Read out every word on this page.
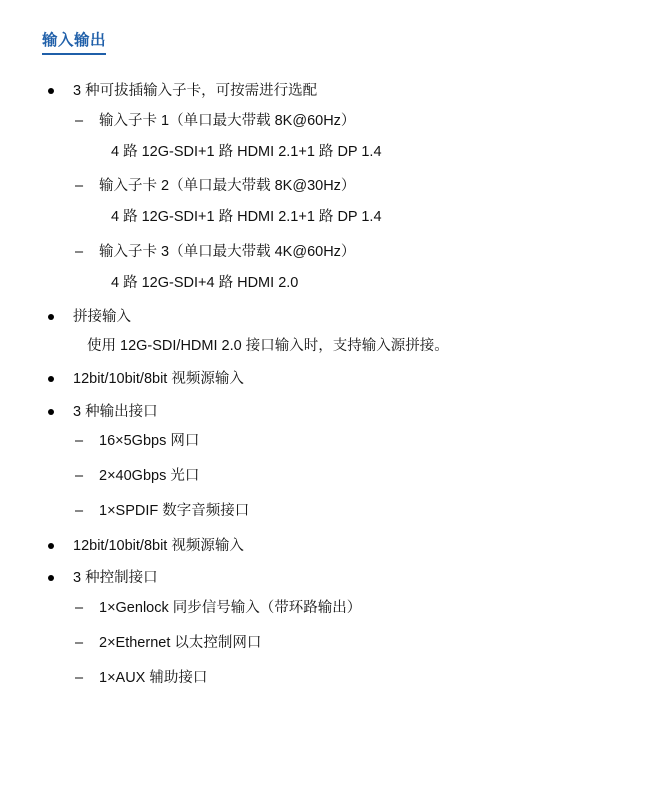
输入输出
3 种可拔插输入子卡，可按需进行选配
– 输入子卡 1（单口最大带载 8K@60Hz）
4 路 12G-SDI+1 路 HDMI 2.1+1 路 DP 1.4
– 输入子卡 2（单口最大带载 8K@30Hz）
4 路 12G-SDI+1 路 HDMI 2.1+1 路 DP 1.4
– 输入子卡 3（单口最大带载 4K@60Hz）
4 路 12G-SDI+4 路 HDMI 2.0
拼接输入
使用 12G-SDI/HDMI 2.0 接口输入时，支持输入源拼接。
12bit/10bit/8bit 视频源输入
3 种输出接口
– 16×5Gbps 网口
– 2×40Gbps 光口
– 1×SPDIF 数字音频接口
12bit/10bit/8bit 视频源输入
3 种控制接口
– 1×Genlock 同步信号输入（带环路输出）
– 2×Ethernet 以太控制网口
– 1×AUX 辅助接口
